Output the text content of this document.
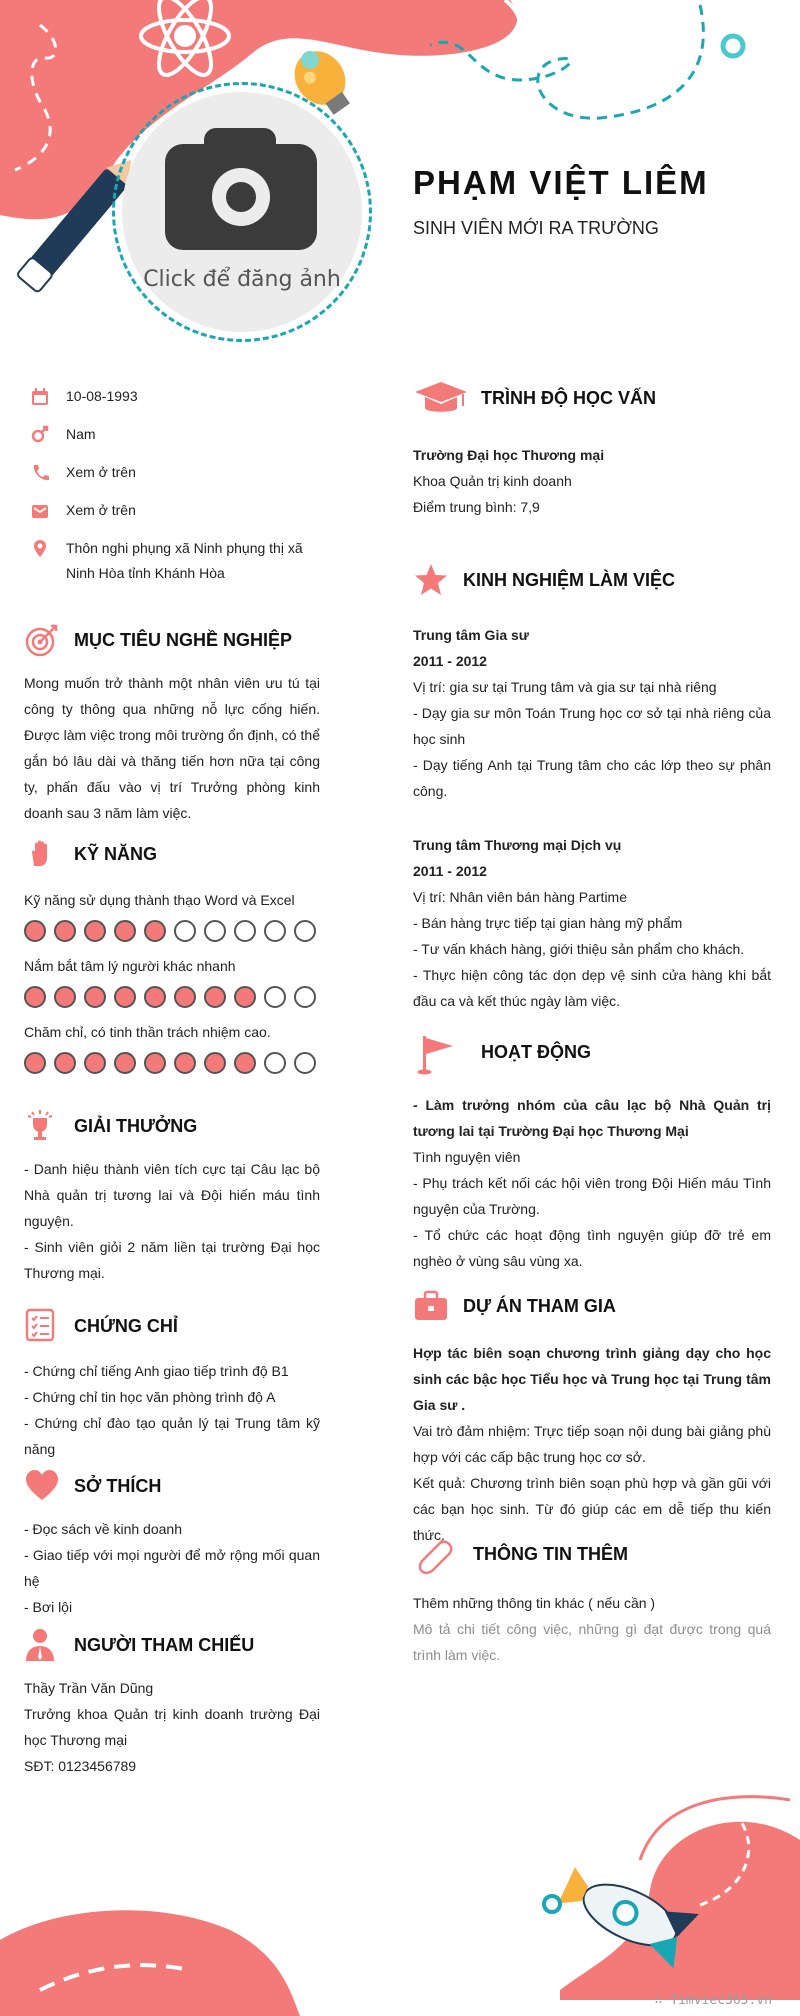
Click để đăng ảnh
PHẠM VIỆT LIÊM
SINH VIÊN MỚI RA TRƯỜNG
10-08-1993
Nam
Xem ở trên
Xem ở trên
Thôn nghi phụng xã Ninh phụng thị xã Ninh Hòa tỉnh Khánh Hòa
MỤC TIÊU NGHỀ NGHIỆP
Mong muốn trở thành một nhân viên ưu tú tại công ty thông qua những nỗ lực cống hiến. Được làm việc trong môi trường ổn định, có thể gắn bó lâu dài và thăng tiến hơn nữa tại công ty, phấn đấu vào vị trí Trưởng phòng kinh doanh sau 3 năm làm việc.
KỸ NĂNG
Kỹ năng sử dụng thành thạo Word và Excel
Nắm bắt tâm lý người khác nhanh
Chăm chỉ, có tinh thần trách nhiệm cao.
GIẢI THƯỞNG

- Danh hiệu thành viên tích cực tại Câu lạc bộ Nhà quản trị tương lai và Đội hiến máu tình nguyện.

- Sinh viên giỏi 2 năm liền tại trường Đại học Thương mại.

CHỨNG CHỈ

- Chứng chỉ tiếng Anh giao tiếp trình độ B1

- Chứng chỉ tin học văn phòng trình độ A

- Chứng chỉ đào tạo quản lý tại Trung tâm kỹ năng

SỞ THÍCH

- Đọc sách về kinh doanh

- Giao tiếp với mọi người để mở rộng mối quan hệ

- Bơi lội

NGƯỜI THAM CHIẾU

Thầy Trần Văn Dũng

Trưởng khoa Quản trị kinh doanh trường Đại học Thương mại

SĐT: 0123456789

TRÌNH ĐỘ HỌC VẤN

Trường Đại học Thương mại

Khoa Quản trị kinh doanh

Điểm trung bình: 7,9

KINH NGHIỆM LÀM VIỆC

Trung tâm Gia sư

2011 - 2012

Vị trí: gia sư tại Trung tâm và gia sư tại nhà riêng

- Dạy gia sư môn Toán Trung học cơ sở tại nhà riêng của học sinh

- Dạy tiếng Anh tại Trung tâm cho các lớp theo sự phân công.

Trung tâm Thương mại Dịch vụ

2011 - 2012

Vị trí: Nhân viên bán hàng Partime

- Bán hàng trực tiếp tại gian hàng mỹ phẩm

- Tư vấn khách hàng, giới thiệu sản phẩm cho khách.

- Thực hiện công tác dọn dẹp vệ sinh cửa hàng khi bắt đầu ca và kết thúc ngày làm việc.

HOẠT ĐỘNG

- Làm trưởng nhóm của câu lạc bộ Nhà Quản trị tương lai tại Trường Đại học Thương Mại

Tình nguyện viên

- Phụ trách kết nối các hội viên trong Đội Hiến máu Tình nguyện của Trường.

- Tổ chức các hoạt động tình nguyện giúp đỡ trẻ em nghèo ở vùng sâu vùng xa.

DỰ ÁN THAM GIA

Hợp tác biên soạn chương trình giảng dạy cho học sinh các bậc học Tiểu học và Trung học tại Trung tâm Gia sư .

Vai trò đảm nhiệm: Trực tiếp soạn nội dung bài giảng phù hợp với các cấp bậc trung học cơ sở.

Kết quả: Chương trình biên soạn phù hợp và gần gũi với các bạn học sinh. Từ đó giúp các em dễ tiếp thu kiến thức.

THÔNG TIN THÊM

Thêm những thông tin khác ( nếu cần )

Mô tả chi tiết công việc, những gì đạt được trong quá trình làm việc.

∴ Timviec365.vn
